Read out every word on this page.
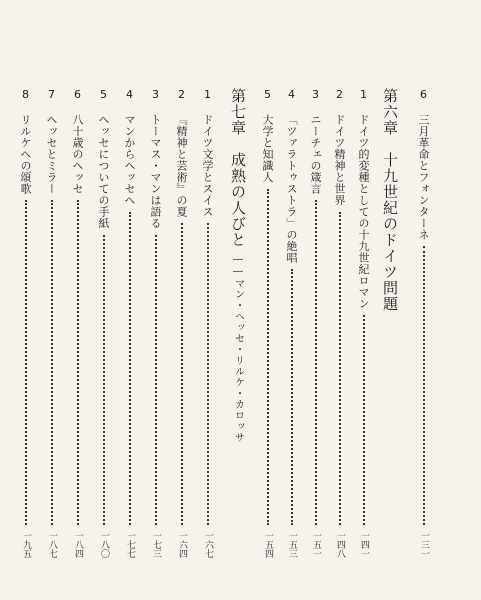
6
三月革命とフォンターネ
一三一
第六章　十九世紀のドイツ問題
1
ドイツ的変種としての十九世紀ロマン
一四一
2
ドイツ精神と世界
一四八
3
ニーチェの箴言
一五一
4
「ツァラトゥストラ」の絶唱
一五三
5
大学と知識人
一五四
第七章　成熟の人びと
――マン・ヘッセ・リルケ・カロッサ
1
ドイツ文学とスイス
一六七
2
『精神と芸術』の夏
一六四
3
トーマス・マンは語る
一七三
4
マンからヘッセへ
一七七
5
ヘッセについての手紙
一八〇
6
八十歳のヘッセ
一八四
7
ヘッセとミラー
一八七
8
リルケへの頌歌
一九五
